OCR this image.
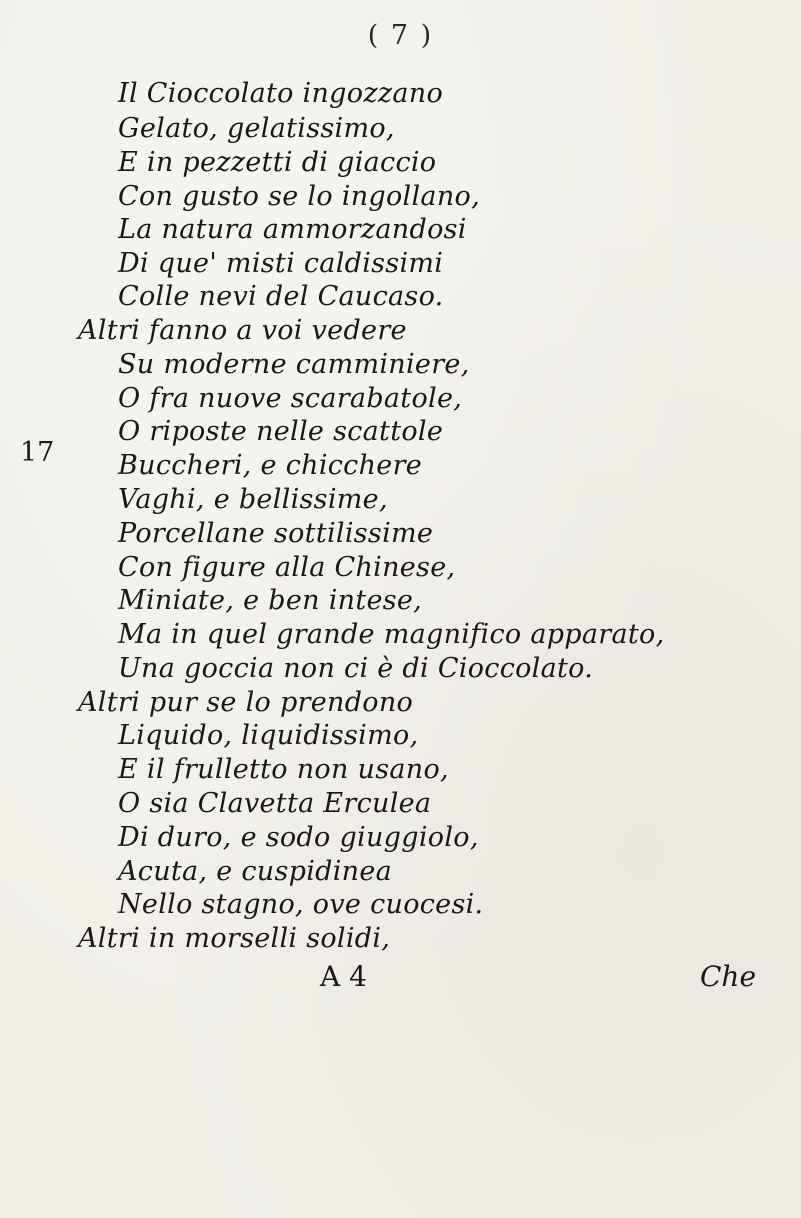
( 7 )
17
Il Cioccolato ingozzano
Gelato, gelatissimo,
E in pezzetti di giaccio
Con gusto se lo ingollano,
La natura ammorzandosi
Di que' misti caldissimi
Colle nevi del Caucaso.
Altri fanno a voi vedere
Su moderne camminiere,
O fra nuove scarabatole,
O riposte nelle scattole
Buccheri, e chicchere
Vaghi, e bellissime,
Porcellane sottilissime
Con figure alla Chinese,
Miniate, e ben intese,
Ma in quel grande magnifico apparato,
Una goccia non ci è di Cioccolato.
Altri pur se lo prendono
Liquido, liquidissimo,
E il frulletto non usano,
O sia Clavetta Erculea
Di duro, e sodo giuggiolo,
Acuta, e cuspidinea
Nello stagno, ove cuocesi.
Altri in morselli solidi,
A 4	Che
